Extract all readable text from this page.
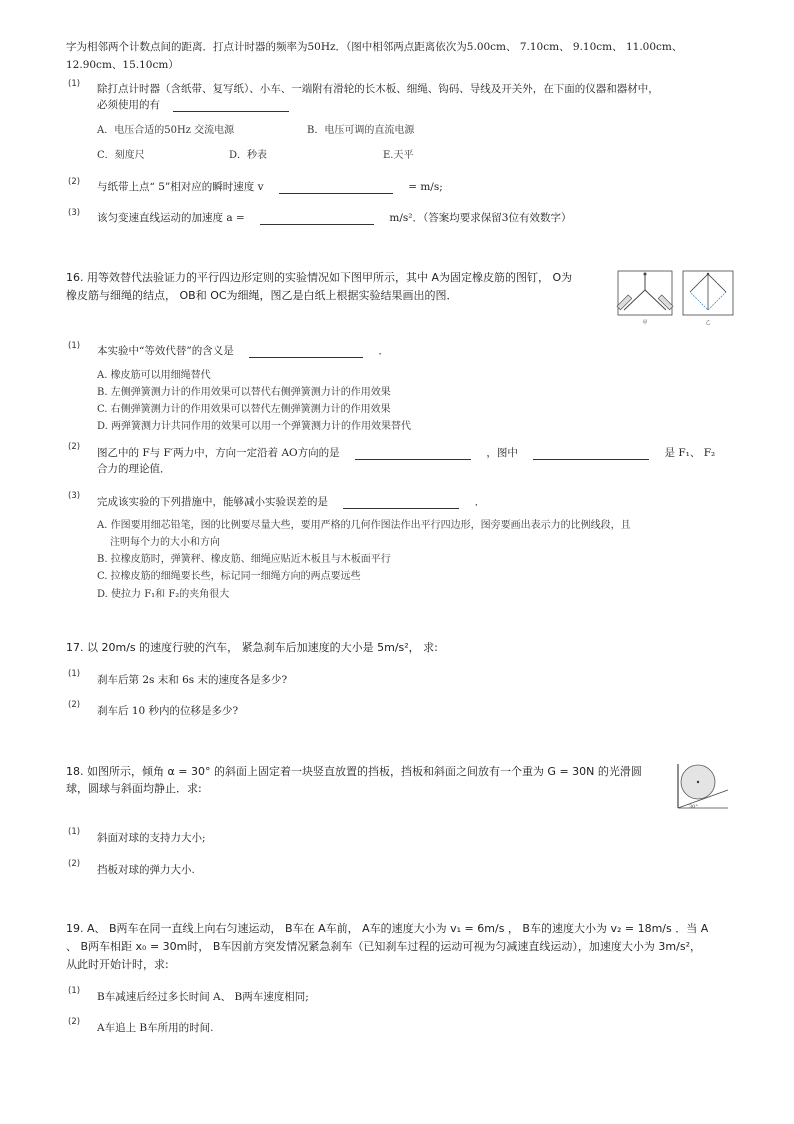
字为相邻两个计数点间的距离．打点计时器的频率为50Hz．（图中相邻两点距离依次为5.00cm、 7.10cm、 9.10cm、 11.00cm、
12.90cm、15.10cm）
(1) 除打点计时器（含纸带、复写纸）、小车、一端附有滑轮的长木板、细绳、钩码、导线及开关外，在下面的仪器和器材中，
必须使用的有
A．电压合适的50Hz 交流电源	B．电压可调的直流电源
C．刻度尺	D．秒表	E.天平
(2) 与纸带上点“ 5”相对应的瞬时速度 v	= m/s;
(3) 该匀变速直线运动的加速度 a =	m/s²．（答案均要求保留3位有效数字）
16. 用等效替代法验证力的平行四边形定则的实验情况如下图甲所示，其中 A为固定橡皮筋的图钉， O为
橡皮筋与细绳的结点， OB和 OC为细绳，图乙是白纸上根据实验结果画出的图．
甲	乙
(1) 本实验中“等效代替”的含义是	．
A. 橡皮筋可以用细绳替代
B. 左侧弹簧测力计的作用效果可以替代右侧弹簧测力计的作用效果
C. 右侧弹簧测力计的作用效果可以替代左侧弹簧测力计的作用效果
D. 两弹簧测力计共同作用的效果可以用一个弹簧测力计的作用效果替代
(2) 图乙中的 F与 F′两力中，方向一定沿着 AO方向的是	，图中	是 F₁、 F₂
合力的理论值．
(3) 完成该实验的下列措施中，能够减小实验误差的是	．
A. 作图要用细芯铅笔，图的比例要尽量大些，要用严格的几何作图法作出平行四边形，图旁要画出表示力的比例线段，且
注明每个力的大小和方向
B. 拉橡皮筋时，弹簧秤、橡皮筋、细绳应贴近木板且与木板面平行
C. 拉橡皮筋的细绳要长些，标记同一细绳方向的两点要远些
D. 使拉力 F₁和 F₂的夹角很大
17. 以 20m/s 的速度行驶的汽车， 紧急刹车后加速度的大小是 5m/s²， 求:
(1) 刹车后第 2s 末和 6s 末的速度各是多少?
(2) 刹车后 10 秒内的位移是多少?
18. 如图所示，倾角 α = 30° 的斜面上固定着一块竖直放置的挡板，挡板和斜面之间放有一个重为 G = 30N 的光滑圆
球，圆球与斜面均静止．求:
30°
(1) 斜面对球的支持力大小;
(2) 挡板对球的弹力大小.
19. A、 B两车在同一直线上向右匀速运动， B车在 A车前， A车的速度大小为 v₁ = 6m/s ， B车的速度大小为 v₂ = 18m/s ．当 A
、 B两车相距 x₀ = 30m时， B车因前方突发情况紧急刹车（已知刹车过程的运动可视为匀减速直线运动），加速度大小为 3m/s²，
从此时开始计时，求:
(1) B车减速后经过多长时间 A、 B两车速度相同;
(2) A车追上 B车所用的时间.
